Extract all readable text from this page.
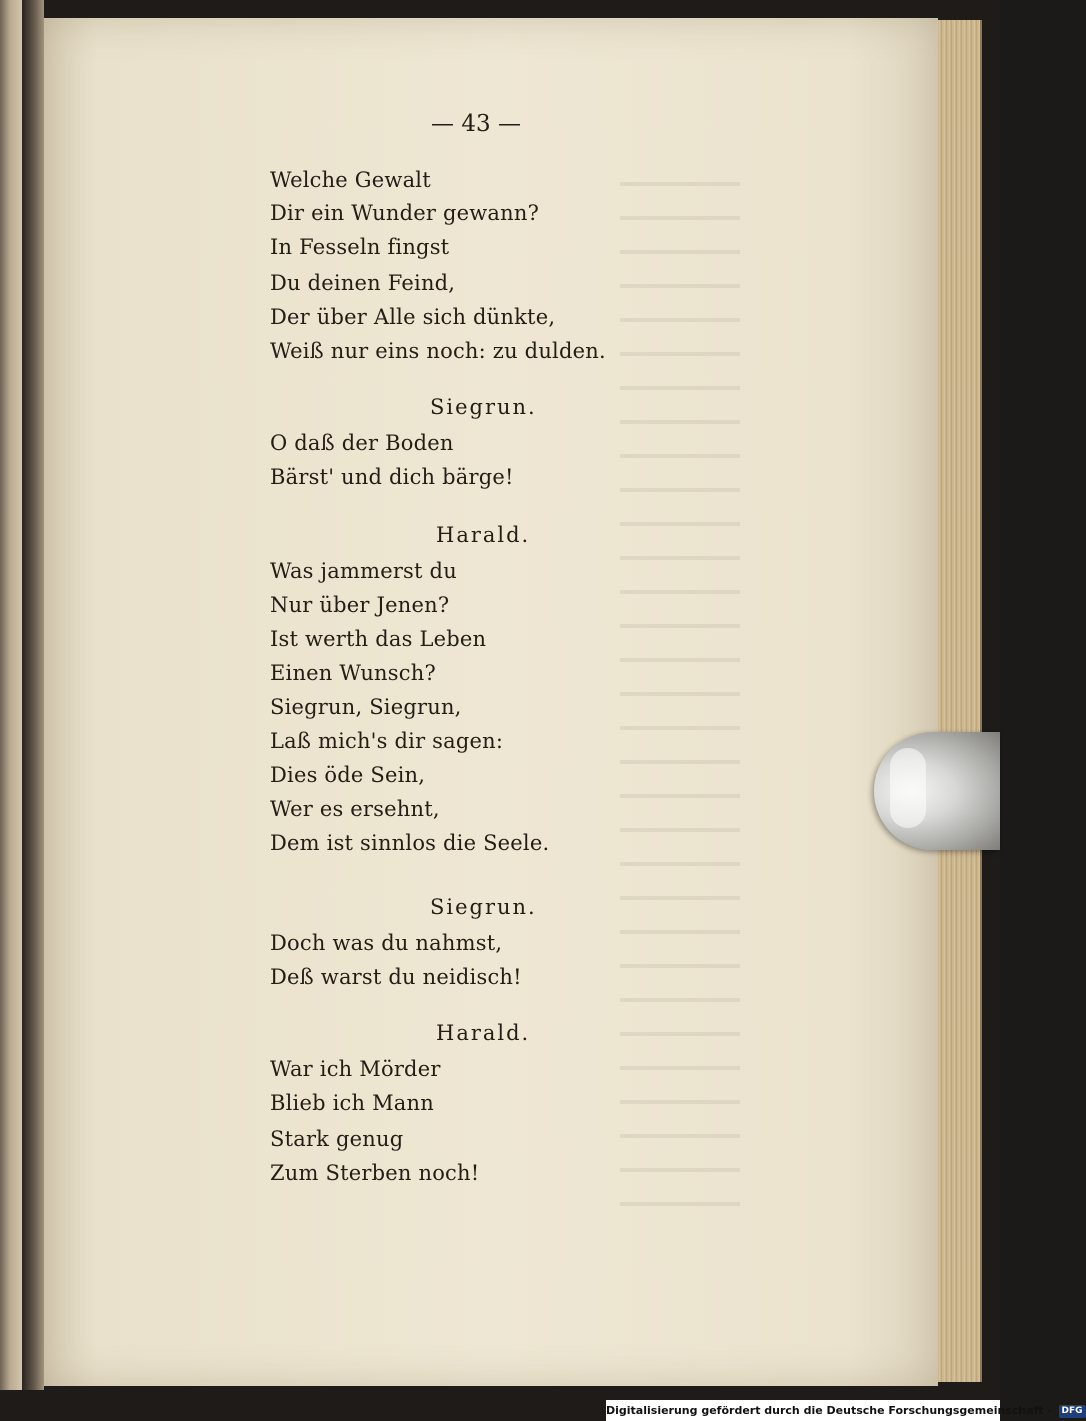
— 43 —
Welche Gewalt
Dir ein Wunder gewann?
In Fesseln fingst
Du deinen Feind,
Der über Alle sich dünkte,
Weiß nur eins noch: zu dulden.
Siegrun.
O daß der Boden
Bärst' und dich bärge!
Harald.
Was jammerst du
Nur über Jenen?
Ist werth das Leben
Einen Wunsch?
Siegrun, Siegrun,
Laß mich's dir sagen:
Dies öde Sein,
Wer es ersehnt,
Dem ist sinnlos die Seele.
Siegrun.
Doch was du nahmst,
Deß warst du neidisch!
Harald.
War ich Mörder
Blieb ich Mann
Stark genug
Zum Sterben noch!
Digitalisierung gefördert durch die Deutsche Forschungsgemeinschaft · DFG
